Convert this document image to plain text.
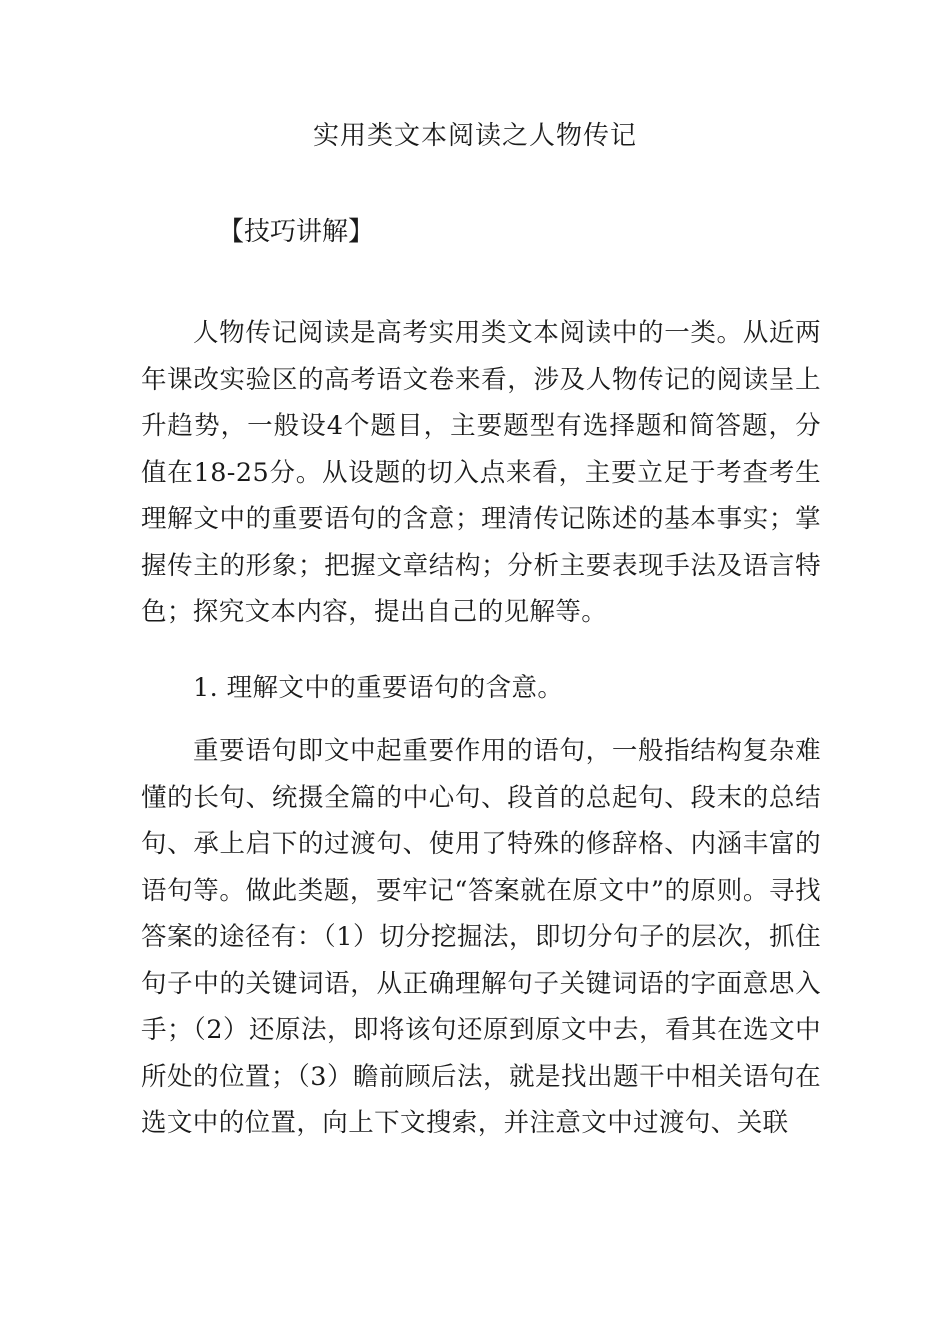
实用类文本阅读之人物传记
【技巧讲解】

人物传记阅读是高考实用类文本阅读中的一类。从近两年课改实验区的高考语文卷来看，涉及人物传记的阅读呈上升趋势，一般设4个题目，主要题型有选择题和简答题，分值在18-25分。从设题的切入点来看，主要立足于考查考生理解文中的重要语句的含意；理清传记陈述的基本事实；掌握传主的形象；把握文章结构；分析主要表现手法及语言特色；探究文本内容，提出自己的见解等。

1. 理解文中的重要语句的含意。

重要语句即文中起重要作用的语句，一般指结构复杂难懂的长句、统摄全篇的中心句、段首的总起句、段末的总结句、承上启下的过渡句、使用了特殊的修辞格、内涵丰富的语句等。做此类题，要牢记“答案就在原文中”的原则。寻找答案的途径有：（1）切分挖掘法，即切分句子的层次，抓住句子中的关键词语，从正确理解句子关键词语的字面意思入手；（2）还原法，即将该句还原到原文中去，看其在选文中所处的位置；（3）瞻前顾后法，就是找出题干中相关语句在选文中的位置，向上下文搜索，并注意文中过渡句、关联
